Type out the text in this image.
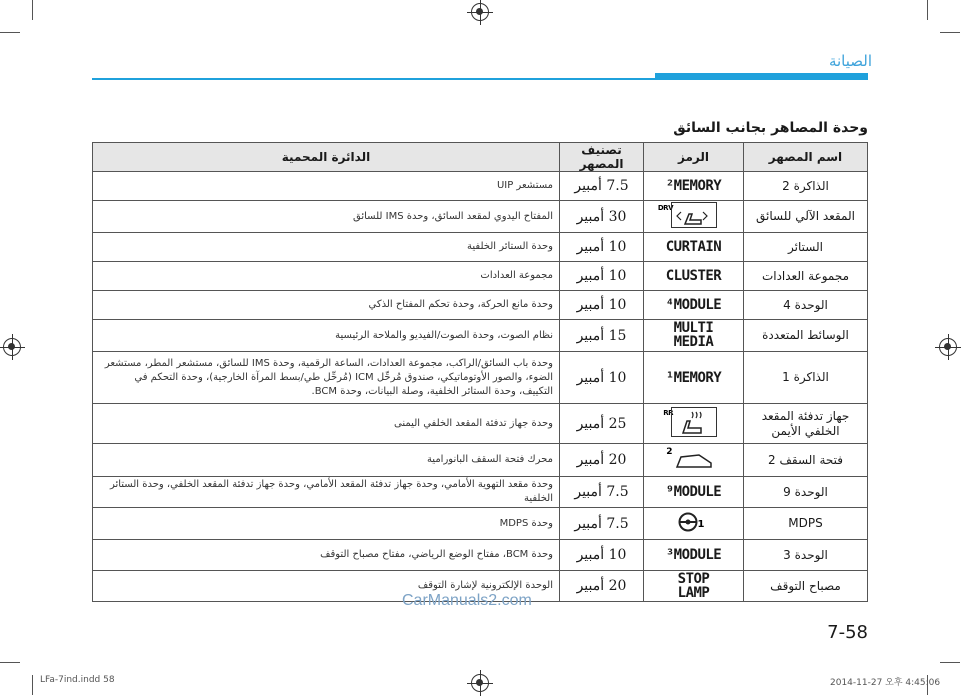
الصيانة
وحدة المصاهر بجانب السائق
اسم المصهر	الرمز	تصنيف المصهر	الدائرة المحمية
الذاكرة 2	²MEMORY	7.5 أمبير	مستشعر UIP
المقعد الآلي للسائق	DRV	30 أمبير	المفتاح اليدوي لمقعد السائق، وحدة IMS للسائق
الستائر	CURTAIN	10 أمبير	وحدة الستائر الخلفية
مجموعة العدادات	CLUSTER	10 أمبير	مجموعة العدادات
الوحدة 4	⁴MODULE	10 أمبير	وحدة مانع الحركة، وحدة تحكم المفتاح الذكي
الوسائط المتعددة	MULTI MEDIA	15 أمبير	نظام الصوت، وحدة الصوت/الفيديو والملاحة الرئيسية
الذاكرة 1	¹MEMORY	10 أمبير	وحدة باب السائق/الراكب، مجموعة العدادات، الساعة الرقمية، وحدة IMS للسائق، مستشعر المطر، مستشعر الضوء، والصور الأوتوماتيكي، صندوق مُرحِّل ICM (مُرحِّل طي/بسط المرآة الخارجية)، وحدة التحكم في التكييف، وحدة الستائر الخلفية، وصلة البيانات، وحدة BCM.
جهاز تدفئة المقعد الخلفي الأيمن	RR	25 أمبير	وحدة جهاز تدفئة المقعد الخلفي اليمنى
فتحة السقف 2	2	20 أمبير	محرك فتحة السقف البانورامية
الوحدة 9	⁹MODULE	7.5 أمبير	وحدة مقعد التهوية الأمامي، وحدة جهاز تدفئة المقعد الأمامي، وحدة جهاز تدفئة المقعد الخلفي، وحدة الستائر الخلفية
MDPS	1	7.5 أمبير	وحدة MDPS
الوحدة 3	³MODULE	10 أمبير	وحدة BCM، مفتاح الوضع الرياضي، مفتاح مصباح التوقف
مصباح التوقف	STOP LAMP	20 أمبير	الوحدة الإلكترونية لإشارة التوقف
CarManuals2.com
7-58
LFa-7ind.indd 58	2014-11-27 오후 4:45:06
